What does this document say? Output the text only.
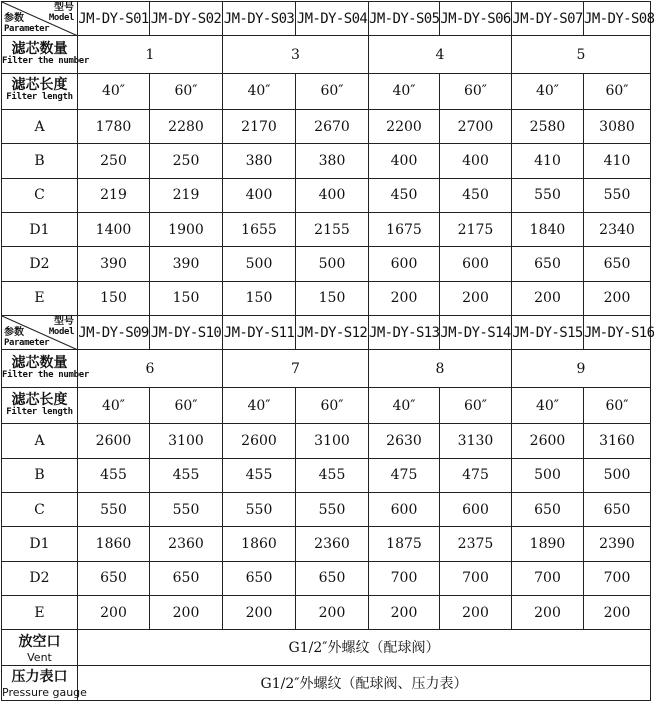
型号
Model
参数
Parameter	JM-DY-S01	JM-DY-S02	JM-DY-S03	JM-DY-S04	JM-DY-S05	JM-DY-S06	JM-DY-S07	JM-DY-S08

滤芯数量
Filter the number	1		3		4		5	

滤芯长度
Filter length	40″	60″	40″	60″	40″	60″	40″	60″
A	1780	2280	2170	2670	2200	2700	2580	3080
B	250	250	380	380	400	400	410	410
C	219	219	400	400	450	450	550	550
D1	1400	1900	1655	2155	1675	2175	1840	2340
D2	390	390	500	500	600	600	650	650
E	150	150	150	150	200	200	200	200

型号
Model
参数
Parameter	JM-DY-S09	JM-DY-S10	JM-DY-S11	JM-DY-S12	JM-DY-S13	JM-DY-S14	JM-DY-S15	JM-DY-S16

滤芯数量
Filter the number	6		7		8		9	

滤芯长度
Filter length	40″	60″	40″	60″	40″	60″	40″	60″
A	2600	3100	2600	3100	2630	3130	2600	3160
B	455	455	455	455	475	475	500	500
C	550	550	550	550	600	600	650	650
D1	1860	2360	1860	2360	1875	2375	1890	2390
D2	650	650	650	650	700	700	700	700
E	200	200	200	200	200	200	200	200

放空口
Vent	G1/2″外螺纹（配球阀）							

压力表口
Pressure gauge	G1/2″外螺纹（配球阀、压力表）							
